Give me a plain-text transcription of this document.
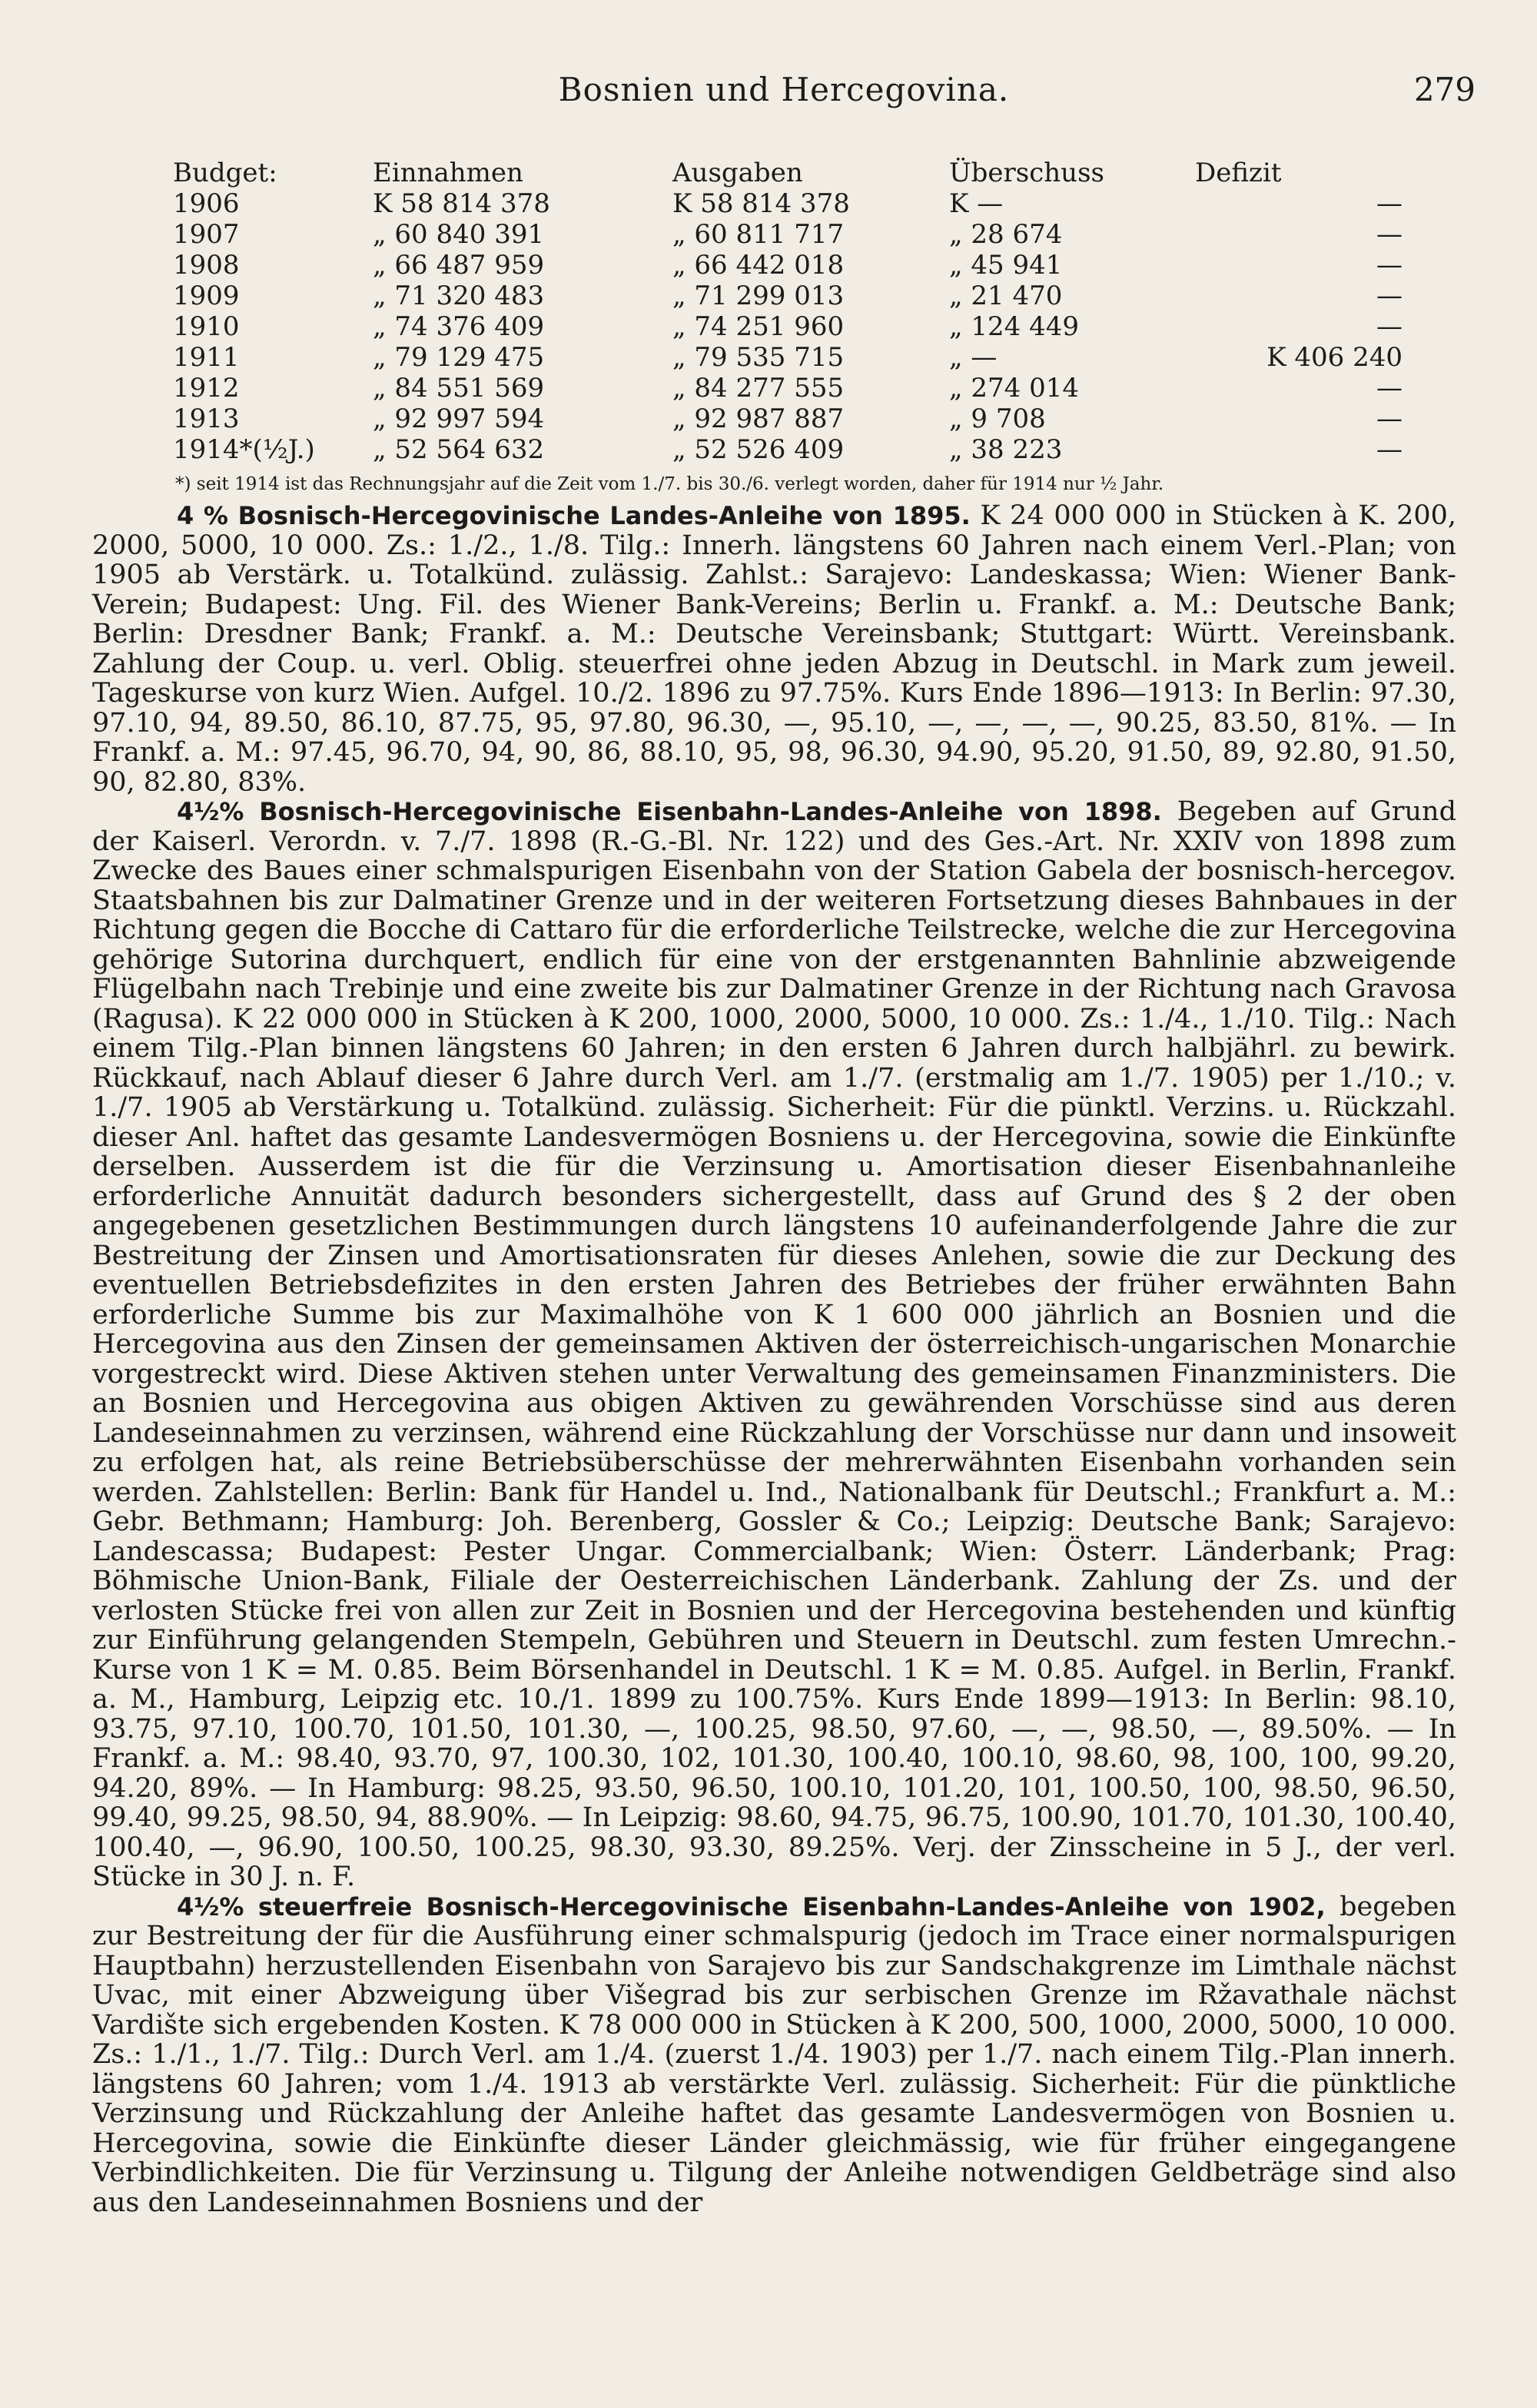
Bosnien und Hercegovina.	279
Budget:	Einnahmen	Ausgaben	Überschuss	Defizit
1906	K 58 814 378	K 58 814 378	K —	—
1907	„ 60 840 391	„ 60 811 717	„ 28 674	—
1908	„ 66 487 959	„ 66 442 018	„ 45 941	—
1909	„ 71 320 483	„ 71 299 013	„ 21 470	—
1910	„ 74 376 409	„ 74 251 960	„ 124 449	—
1911	„ 79 129 475	„ 79 535 715	„ —	K 406 240
1912	„ 84 551 569	„ 84 277 555	„ 274 014	—
1913	„ 92 997 594	„ 92 987 887	„ 9 708	—
1914*(½J.)	„ 52 564 632	„ 52 526 409	„ 38 223	—
*) seit 1914 ist das Rechnungsjahr auf die Zeit vom 1./7. bis 30./6. verlegt worden, daher für 1914 nur ½ Jahr.

4 % Bosnisch-Hercegovinische Landes-Anleihe von 1895. K 24 000 000 in Stücken à K. 200, 2000, 5000, 10 000. Zs.: 1./2., 1./8. Tilg.: Innerh. längstens 60 Jahren nach einem Verl.-Plan; von 1905 ab Verstärk. u. Totalkünd. zulässig. Zahlst.: Sarajevo: Landeskassa; Wien: Wiener Bank-Verein; Budapest: Ung. Fil. des Wiener Bank-Vereins; Berlin u. Frankf. a. M.: Deutsche Bank; Berlin: Dresdner Bank; Frankf. a. M.: Deutsche Vereinsbank; Stuttgart: Württ. Vereinsbank. Zahlung der Coup. u. verl. Oblig. steuerfrei ohne jeden Abzug in Deutschl. in Mark zum jeweil. Tageskurse von kurz Wien. Aufgel. 10./2. 1896 zu 97.75%. Kurs Ende 1896—1913: In Berlin: 97.30, 97.10, 94, 89.50, 86.10, 87.75, 95, 97.80, 96.30, —, 95.10, —, —, —, —, 90.25, 83.50, 81%. — In Frankf. a. M.: 97.45, 96.70, 94, 90, 86, 88.10, 95, 98, 96.30, 94.90, 95.20, 91.50, 89, 92.80, 91.50, 90, 82.80, 83%.

4½% Bosnisch-Hercegovinische Eisenbahn-Landes-Anleihe von 1898. Begeben auf Grund der Kaiserl. Verordn. v. 7./7. 1898 (R.-G.-Bl. Nr. 122) und des Ges.-Art. Nr. XXIV von 1898 zum Zwecke des Baues einer schmalspurigen Eisenbahn von der Station Gabela der bosnisch-hercegov. Staatsbahnen bis zur Dalmatiner Grenze und in der weiteren Fortsetzung dieses Bahnbaues in der Richtung gegen die Bocche di Cattaro für die erforderliche Teilstrecke, welche die zur Hercegovina gehörige Sutorina durchquert, endlich für eine von der erstgenannten Bahnlinie abzweigende Flügelbahn nach Trebinje und eine zweite bis zur Dalmatiner Grenze in der Richtung nach Gravosa (Ragusa). K 22 000 000 in Stücken à K 200, 1000, 2000, 5000, 10 000. Zs.: 1./4., 1./10. Tilg.: Nach einem Tilg.-Plan binnen längstens 60 Jahren; in den ersten 6 Jahren durch halbjährl. zu bewirk. Rückkauf, nach Ablauf dieser 6 Jahre durch Verl. am 1./7. (erstmalig am 1./7. 1905) per 1./10.; v. 1./7. 1905 ab Verstärkung u. Totalkünd. zulässig. Sicherheit: Für die pünktl. Verzins. u. Rückzahl. dieser Anl. haftet das gesamte Landesvermögen Bosniens u. der Hercegovina, sowie die Einkünfte derselben. Ausserdem ist die für die Verzinsung u. Amortisation dieser Eisenbahnanleihe erforderliche Annuität dadurch besonders sichergestellt, dass auf Grund des § 2 der oben angegebenen gesetzlichen Bestimmungen durch längstens 10 aufeinanderfolgende Jahre die zur Bestreitung der Zinsen und Amortisationsraten für dieses Anlehen, sowie die zur Deckung des eventuellen Betriebsdefizites in den ersten Jahren des Betriebes der früher erwähnten Bahn erforderliche Summe bis zur Maximalhöhe von K 1 600 000 jährlich an Bosnien und die Hercegovina aus den Zinsen der gemeinsamen Aktiven der österreichisch-ungarischen Monarchie vorgestreckt wird. Diese Aktiven stehen unter Verwaltung des gemeinsamen Finanzministers. Die an Bosnien und Hercegovina aus obigen Aktiven zu gewährenden Vorschüsse sind aus deren Landeseinnahmen zu verzinsen, während eine Rückzahlung der Vorschüsse nur dann und insoweit zu erfolgen hat, als reine Betriebsüberschüsse der mehrerwähnten Eisenbahn vorhanden sein werden. Zahlstellen: Berlin: Bank für Handel u. Ind., Nationalbank für Deutschl.; Frankfurt a. M.: Gebr. Bethmann; Hamburg: Joh. Berenberg, Gossler & Co.; Leipzig: Deutsche Bank; Sarajevo: Landescassa; Budapest: Pester Ungar. Commercialbank; Wien: Österr. Länderbank; Prag: Böhmische Union-Bank, Filiale der Oesterreichischen Länderbank. Zahlung der Zs. und der verlosten Stücke frei von allen zur Zeit in Bosnien und der Hercegovina bestehenden und künftig zur Einführung gelangenden Stempeln, Gebühren und Steuern in Deutschl. zum festen Umrechn.-Kurse von 1 K = M. 0.85. Beim Börsenhandel in Deutschl. 1 K = M. 0.85. Aufgel. in Berlin, Frankf. a. M., Hamburg, Leipzig etc. 10./1. 1899 zu 100.75%. Kurs Ende 1899—1913: In Berlin: 98.10, 93.75, 97.10, 100.70, 101.50, 101.30, —, 100.25, 98.50, 97.60, —, —, 98.50, —, 89.50%. — In Frankf. a. M.: 98.40, 93.70, 97, 100.30, 102, 101.30, 100.40, 100.10, 98.60, 98, 100, 100, 99.20, 94.20, 89%. — In Hamburg: 98.25, 93.50, 96.50, 100.10, 101.20, 101, 100.50, 100, 98.50, 96.50, 99.40, 99.25, 98.50, 94, 88.90%. — In Leipzig: 98.60, 94.75, 96.75, 100.90, 101.70, 101.30, 100.40, 100.40, —, 96.90, 100.50, 100.25, 98.30, 93.30, 89.25%. Verj. der Zinsscheine in 5 J., der verl. Stücke in 30 J. n. F.

4½% steuerfreie Bosnisch-Hercegovinische Eisenbahn-Landes-Anleihe von 1902, begeben zur Bestreitung der für die Ausführung einer schmalspurig (jedoch im Trace einer normalspurigen Hauptbahn) herzustellenden Eisenbahn von Sarajevo bis zur Sandschakgrenze im Limthale nächst Uvac, mit einer Abzweigung über Višegrad bis zur serbischen Grenze im Ržavathale nächst Vardište sich ergebenden Kosten. K 78 000 000 in Stücken à K 200, 500, 1000, 2000, 5000, 10 000. Zs.: 1./1., 1./7. Tilg.: Durch Verl. am 1./4. (zuerst 1./4. 1903) per 1./7. nach einem Tilg.-Plan innerh. längstens 60 Jahren; vom 1./4. 1913 ab verstärkte Verl. zulässig. Sicherheit: Für die pünktliche Verzinsung und Rückzahlung der Anleihe haftet das gesamte Landesvermögen von Bosnien u. Hercegovina, sowie die Einkünfte dieser Länder gleichmässig, wie für früher eingegangene Verbindlichkeiten. Die für Verzinsung u. Tilgung der Anleihe notwendigen Geldbeträge sind also aus den Landeseinnahmen Bosniens und der
